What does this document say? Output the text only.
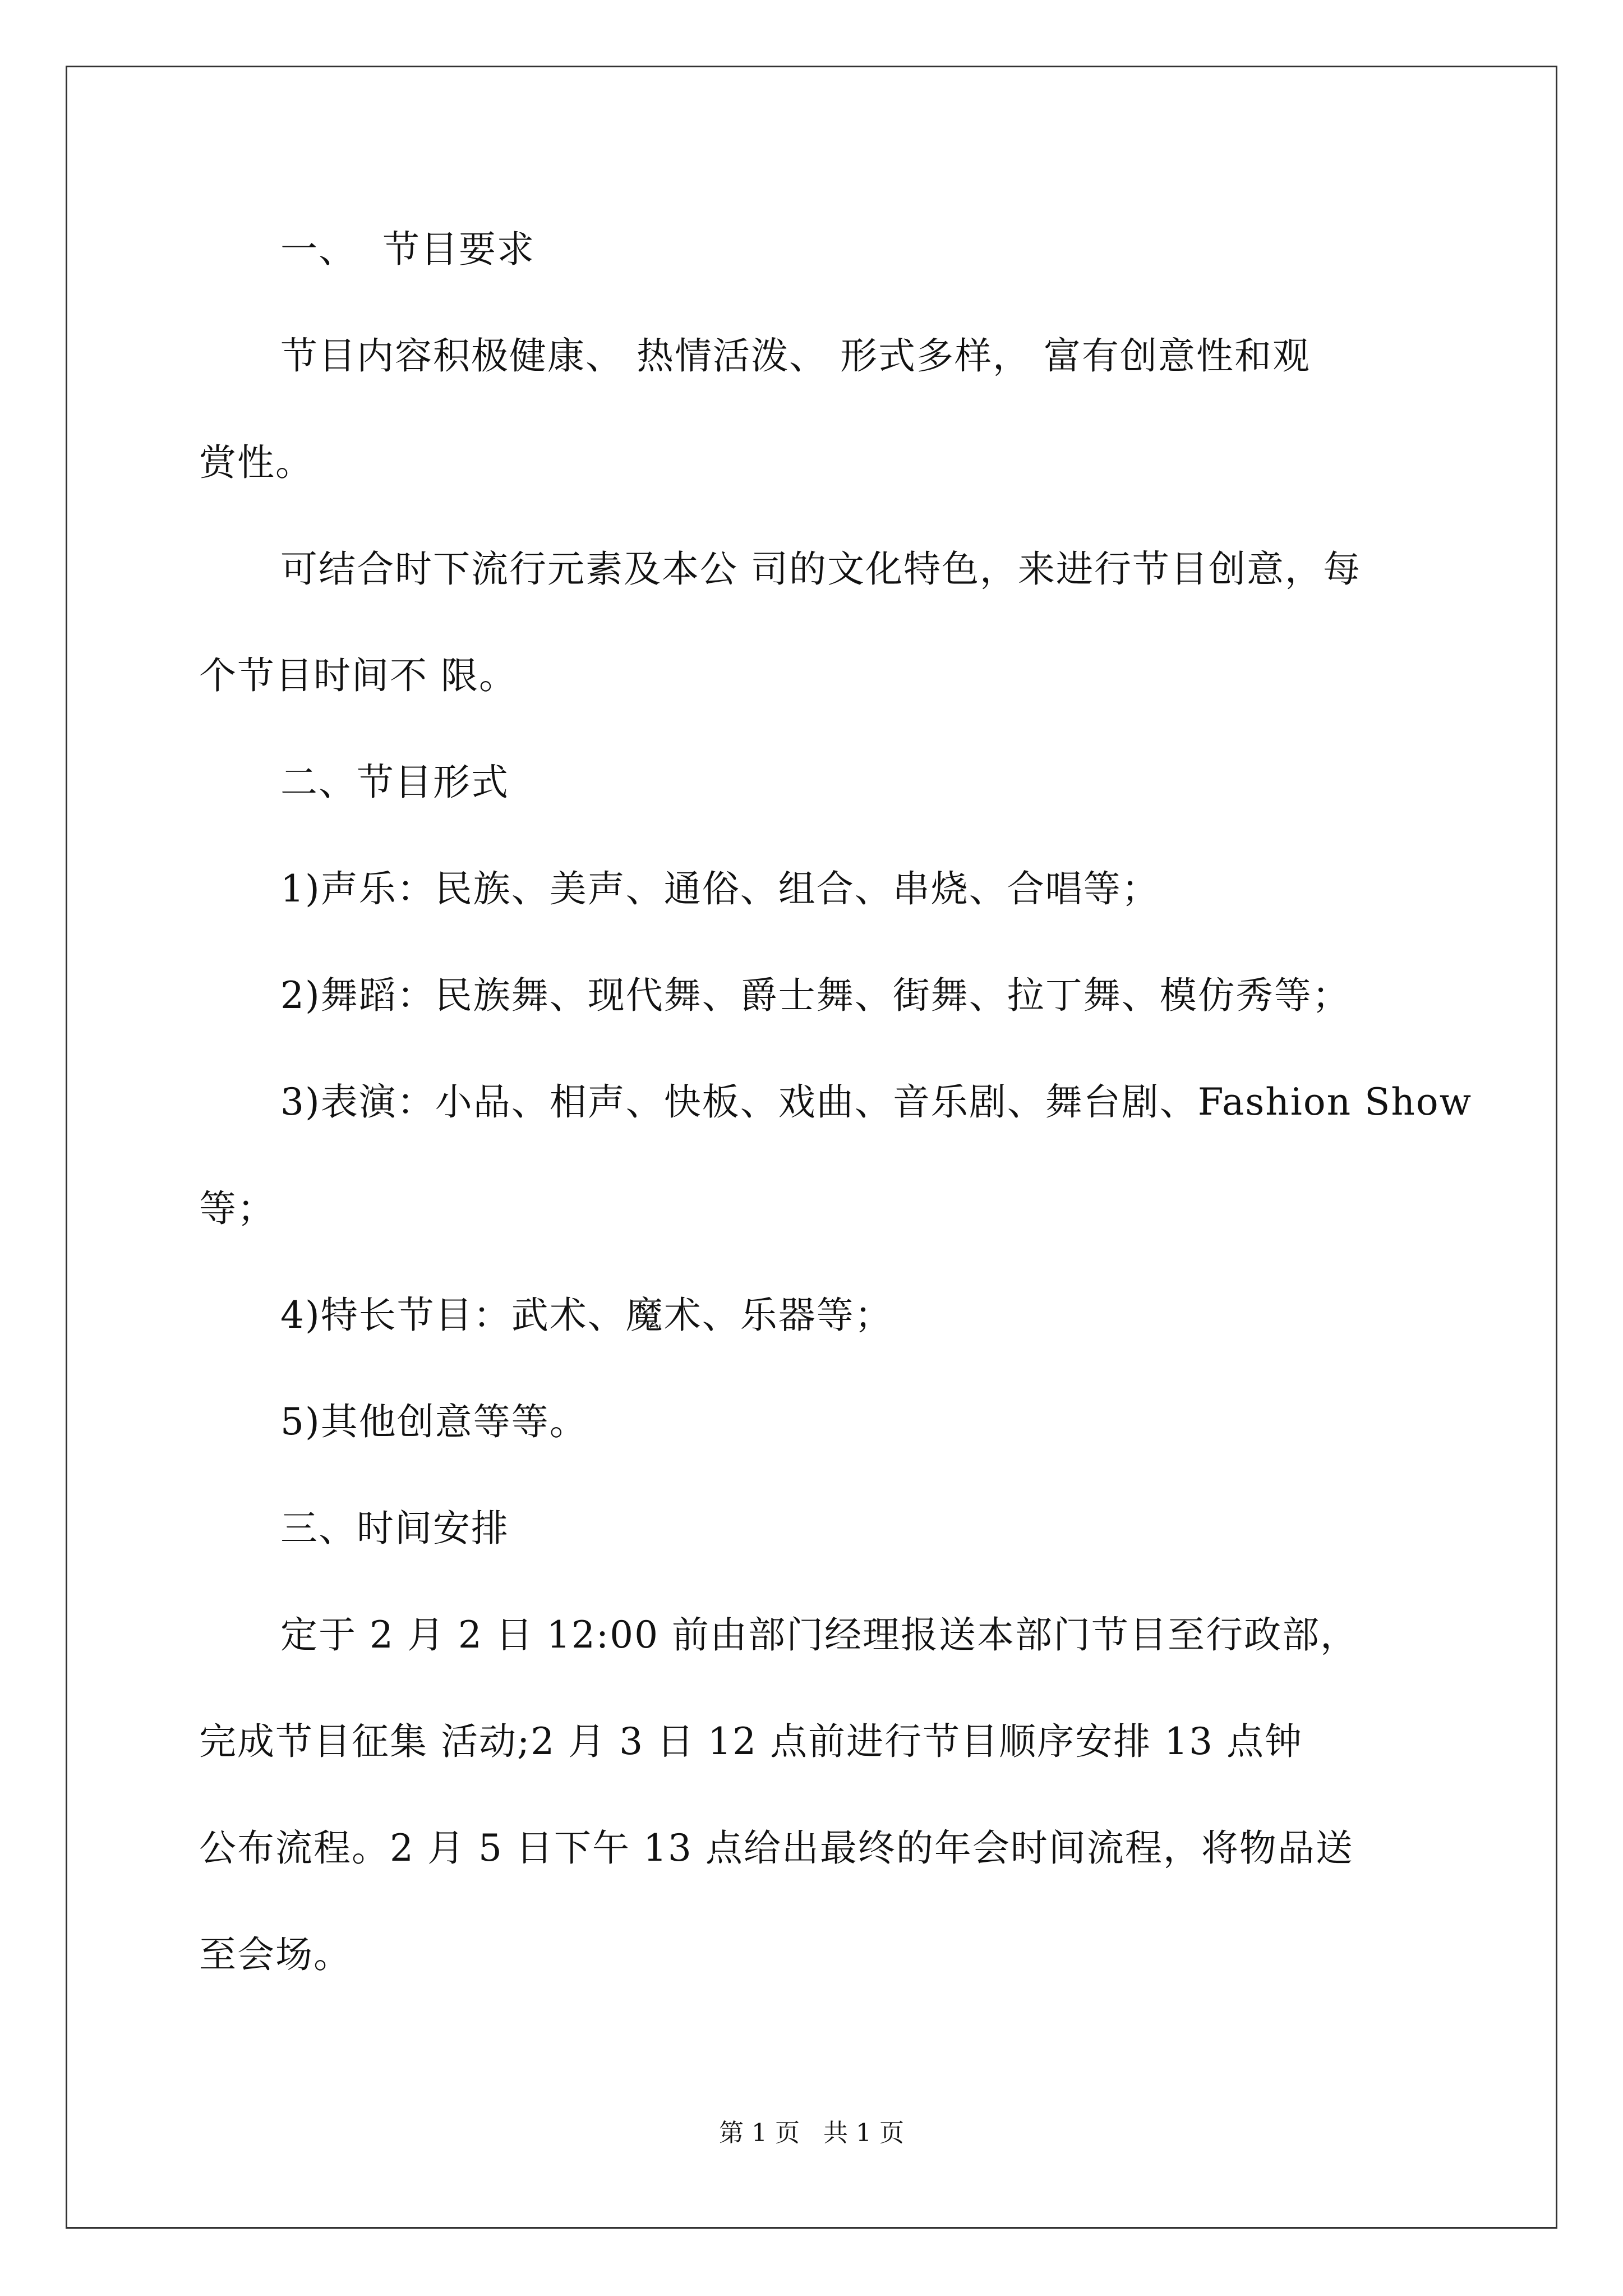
一、  节目要求
节目内容积极健康、 热情活泼、 形式多样， 富有创意性和观
赏性。
可结合时下流行元素及本公 司的文化特色，来进行节目创意，每
个节目时间不 限。
二、节目形式
1)声乐：民族、美声、通俗、组合、串烧、合唱等；
2)舞蹈：民族舞、现代舞、爵士舞、街舞、拉丁舞、模仿秀等；
3)表演：小品、相声、快板、戏曲、音乐剧、舞台剧、Fashion Show
等；
4)特长节目：武术、魔术、乐器等；
5)其他创意等等。
三、时间安排
定于 2 月 2 日 12:00 前由部门经理报送本部门节目至行政部，
完成节目征集 活动;2 月 3 日 12 点前进行节目顺序安排 13 点钟
公布流程。2 月 5 日下午 13 点给出最终的年会时间流程，将物品送
至会场。
第 1 页   共 1 页
